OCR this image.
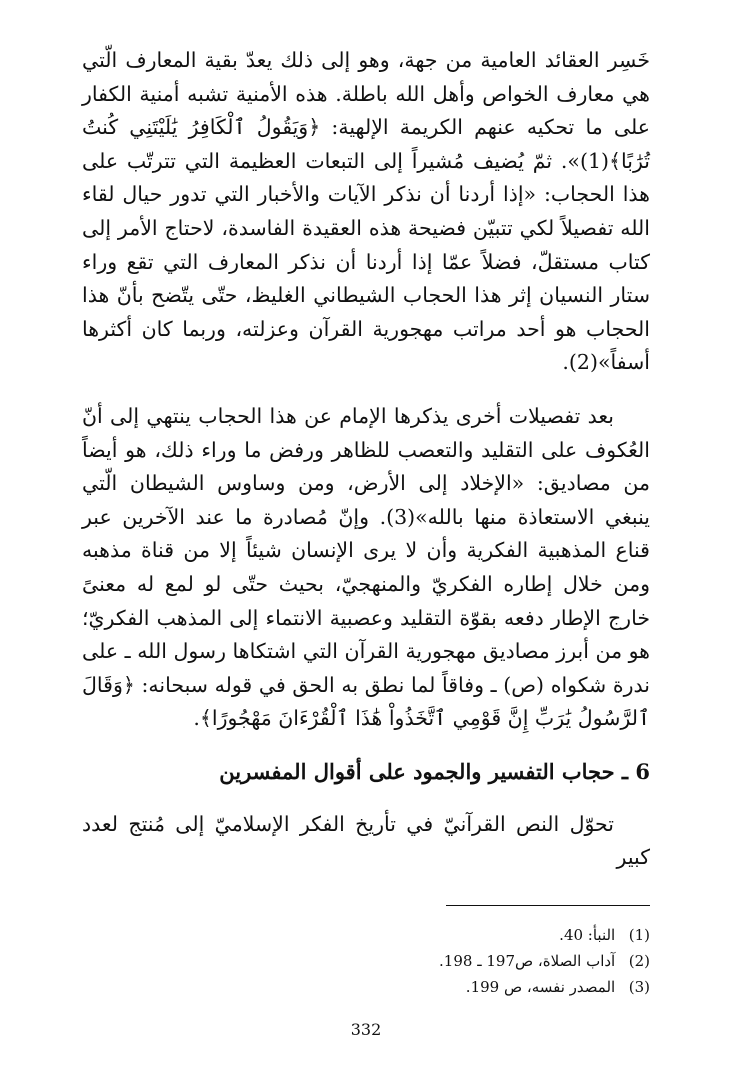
خَسِر العقائد العامية من جهة، وهو إلى ذلك يعدّ بقية المعارف الّتي هي معارف الخواص وأهل الله باطلة. هذه الأمنية تشبه أمنية الكفار على ما تحكيه عنهم الكريمة الإلهية: ﴿وَيَقُولُ ٱلْكَافِرُ يَٰلَيْتَنِي كُنتُ تُرَٰبًا﴾(1)». ثمّ يُضيف مُشيراً إلى التبعات العظيمة التي تترتّب على هذا الحجاب: «إذا أردنا أن نذكر الآيات والأخبار التي تدور حيال لقاء الله تفصيلاً لكي تتبيّن فضيحة هذه العقيدة الفاسدة، لاحتاج الأمر إلى كتاب مستقلّ، فضلاً عمّا إذا أردنا أن نذكر المعارف التي تقع وراء ستار النسيان إثر هذا الحجاب الشيطاني الغليظ، حتّى يتّضح بأنّ هذا الحجاب هو أحد مراتب مهجورية القرآن وعزلته، وربما كان أكثرها أسفاً»(2).

بعد تفصيلات أخرى يذكرها الإمام عن هذا الحجاب ينتهي إلى أنّ العُكوف على التقليد والتعصب للظاهر ورفض ما وراء ذلك، هو أيضاً من مصاديق: «الإخلاد إلى الأرض، ومن وساوس الشيطان الّتي ينبغي الاستعاذة منها بالله»(3). وإنّ مُصادرة ما عند الآخرين عبر قناع المذهبية الفكرية وأن لا يرى الإنسان شيئاً إلا من قناة مذهبه ومن خلال إطاره الفكريّ والمنهجيّ، بحيث حتّى لو لمع له معنىً خارج الإطار دفعه بقوّة التقليد وعصبية الانتماء إلى المذهب الفكريّ؛ هو من أبرز مصاديق مهجورية القرآن التي اشتكاها رسول الله ـ على ندرة شكواه (ص) ـ وفاقاً لما نطق به الحق في قوله سبحانه: ﴿وَقَالَ ٱلرَّسُولُ يَٰرَبِّ إِنَّ قَوْمِي ٱتَّخَذُواْ هَٰذَا ٱلْقُرْءَانَ مَهْجُورًا﴾.

6 ـ حجاب التفسير والجمود على أقوال المفسرين

تحوّل النص القرآنيّ في تأريخ الفكر الإسلاميّ إلى مُنتج لعدد كبير

(1) النبأ: 40.
(2) آداب الصلاة، ص197 ـ 198.
(3) المصدر نفسه، ص 199.
332
